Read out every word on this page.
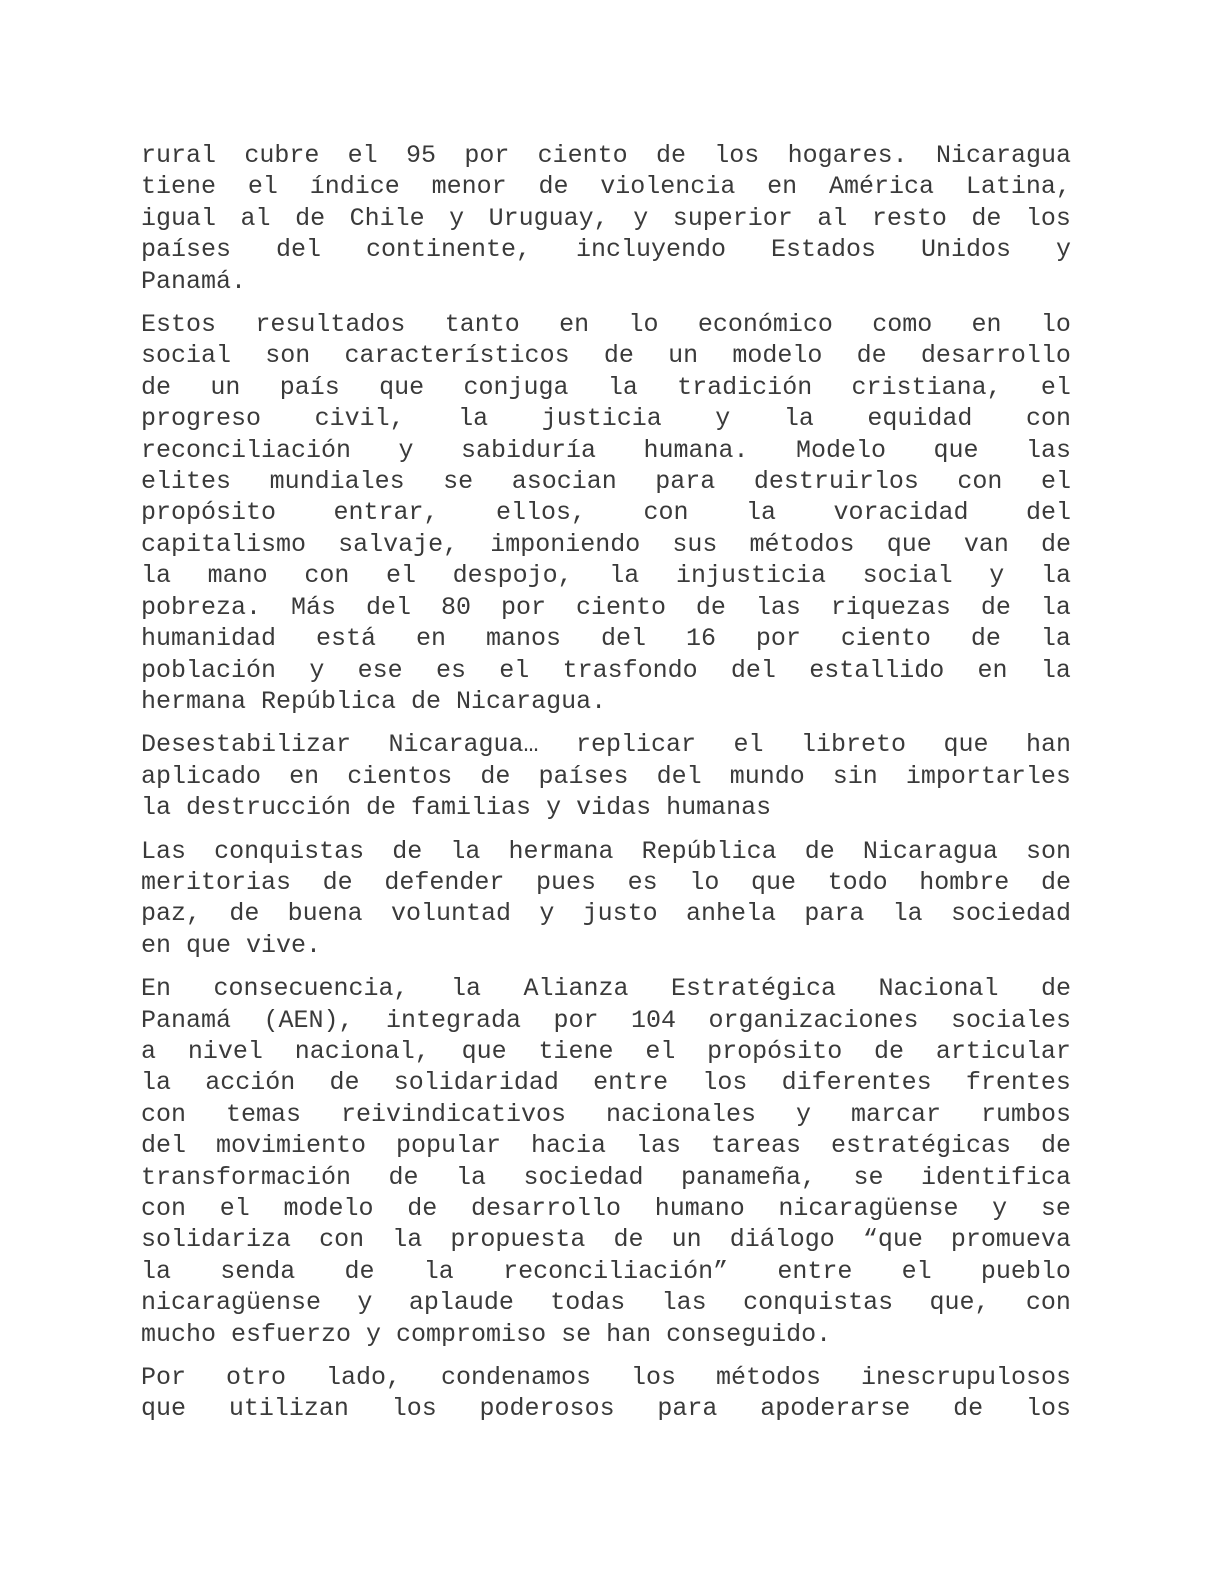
rural cubre el 95 por ciento de los hogares. Nicaragua
tiene el índice menor de violencia en América Latina,
igual al de Chile y Uruguay, y superior al resto de los
países del continente, incluyendo Estados Unidos y
Panamá.
Estos resultados tanto en lo económico como en lo
social son característicos de un modelo de desarrollo
de un país que conjuga la tradición cristiana, el
progreso civil, la justicia y la equidad con
reconciliación y sabiduría humana. Modelo que las
elites mundiales se asocian para destruirlos con el
propósito entrar, ellos, con la voracidad del
capitalismo salvaje, imponiendo sus métodos que van de
la mano con el despojo, la injusticia social y la
pobreza. Más del 80 por ciento de las riquezas de la
humanidad está en manos del 16 por ciento de la
población y ese es el trasfondo del estallido en la
hermana República de Nicaragua.
Desestabilizar Nicaragua… replicar el libreto que han
aplicado en cientos de países del mundo sin importarles
la destrucción de familias y vidas humanas
Las conquistas de la hermana República de Nicaragua son
meritorias de defender pues es lo que todo hombre de
paz, de buena voluntad y justo anhela para la sociedad
en que vive.
En consecuencia, la Alianza Estratégica Nacional de
Panamá (AEN), integrada por 104 organizaciones sociales
a nivel nacional, que tiene el propósito de articular
la acción de solidaridad entre los diferentes frentes
con temas reivindicativos nacionales y marcar rumbos
del movimiento popular hacia las tareas estratégicas de
transformación de la sociedad panameña, se identifica
con el modelo de desarrollo humano nicaragüense y se
solidariza con la propuesta de un diálogo “que promueva
la senda de la reconciliación” entre el pueblo
nicaragüense y aplaude todas las conquistas que, con
mucho esfuerzo y compromiso se han conseguido.
Por otro lado, condenamos los métodos inescrupulosos
que utilizan los poderosos para apoderarse de los
